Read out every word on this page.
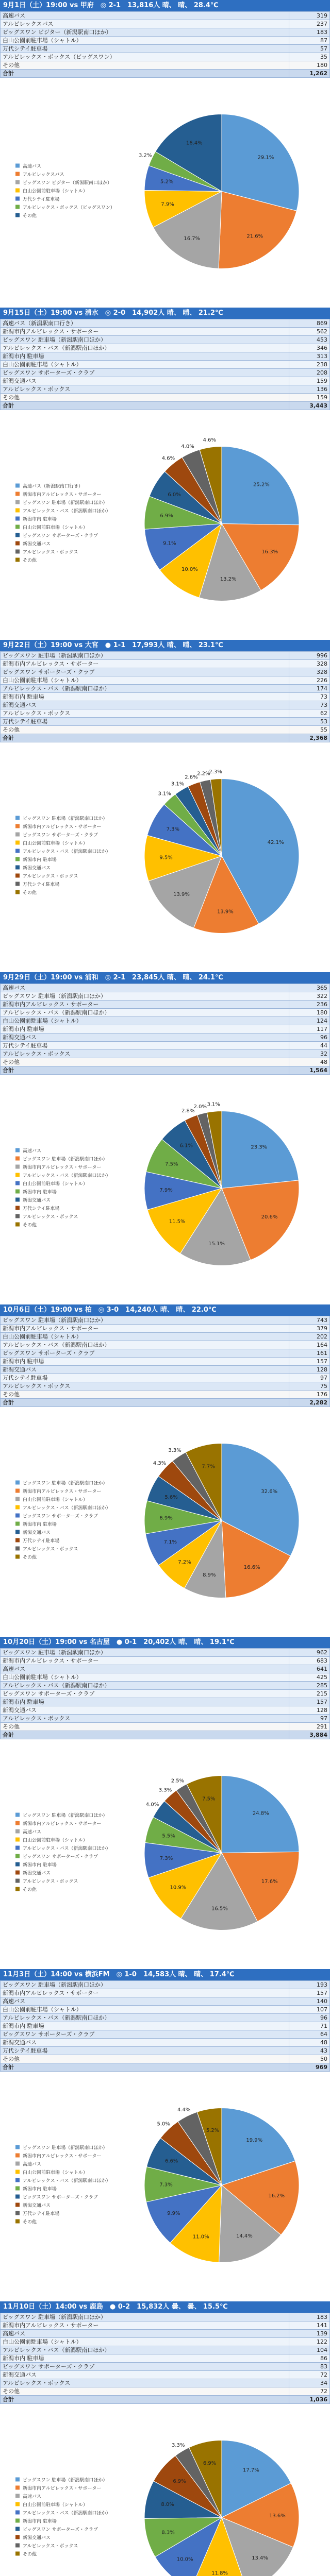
9月1日（土）19:00 vs 甲府　◎ 2-1　13,816人 晴、 晴、 28.4℃
高速バス	319
アルビレックスバス	237
ビッグスワン ビジター（新潟駅南口ほか）	183
白山公園前駐車場（シャトル）	87
万代シテイ駐車場	57
アルビレックス・ボックス（ビッグスワン）	35
その他	180
合計	1,262
高速バス
アルビレックスバス
ビッグスワン ビジター（新潟駅南口ほか）
白山公園前駐車場（シャトル）
万代シテイ駐車場
アルビレックス・ボックス（ビッグスワン）
その他
29.1%
21.6%
16.7%
7.9%
5.2%
3.2%
16.4%
9月15日（土）19:00 vs 清水　◎ 2-0　14,902人 晴、 晴、 21.2℃
高速バス（新潟駅南口行き）	869
新潟市内アルビレックス・サポーター	562
ビッグスワン 駐車場（新潟駅南口ほか）	453
アルビレックス・バス（新潟駅南口ほか）	346
新潟市内 駐車場	313
白山公園前駐車場（シャトル）	238
ビッグスワン サポーターズ・クラブ	208
新潟交通バス	159
アルビレックス・ボックス	136
その他	159
合計	3,443
高速バス（新潟駅南口行き）
新潟市内アルビレックス・サポーター
ビッグスワン 駐車場（新潟駅南口ほか）
アルビレックス・バス（新潟駅南口ほか）
新潟市内 駐車場
白山公園前駐車場（シャトル）
ビッグスワン サポーターズ・クラブ
新潟交通バス
アルビレックス・ボックス
その他
25.2%
16.3%
13.2%
10.0%
9.1%
6.9%
6.0%
4.6%
4.0%
4.6%
9月22日（土）19:00 vs 大宮　● 1-1　17,993人 晴、 晴、 23.1℃
ビッグスワン 駐車場（新潟駅南口ほか）	996
新潟市内アルビレックス・サポーター	328
ビッグスワン サポーターズ・クラブ	328
白山公園前駐車場（シャトル）	226
アルビレックス・バス（新潟駅南口ほか）	174
新潟市内 駐車場	73
新潟交通バス	73
アルビレックス・ボックス	62
万代シテイ駐車場	53
その他	55
合計	2,368
ビッグスワン 駐車場（新潟駅南口ほか）
新潟市内アルビレックス・サポーター
ビッグスワン サポーターズ・クラブ
白山公園前駐車場（シャトル）
アルビレックス・バス（新潟駅南口ほか）
新潟市内 駐車場
新潟交通バス
アルビレックス・ボックス
万代シテイ駐車場
その他
42.1%
13.9%
13.9%
9.5%
7.3%
3.1%
3.1%
2.6%
2.2%
2.3%
9月29日（土）19:00 vs 浦和　◎ 2-1　23,845人 晴、 晴、 24.1℃
高速バス	365
ビッグスワン 駐車場（新潟駅南口ほか）	322
新潟市内アルビレックス・サポーター	236
アルビレックス・バス（新潟駅南口ほか）	180
白山公園前駐車場（シャトル）	124
新潟市内 駐車場	117
新潟交通バス	96
万代シテイ駐車場	44
アルビレックス・ボックス	32
その他	48
合計	1,564
高速バス
ビッグスワン 駐車場（新潟駅南口ほか）
新潟市内アルビレックス・サポーター
アルビレックス・バス（新潟駅南口ほか）
白山公園前駐車場（シャトル）
新潟市内 駐車場
新潟交通バス
万代シテイ駐車場
アルビレックス・ボックス
その他
23.3%
20.6%
15.1%
11.5%
7.9%
7.5%
6.1%
2.8%
2.0% 3.1%
10月6日（土）19:00 vs 柏　◎ 3-0　14,240人 晴、 晴、 22.0℃
ビッグスワン 駐車場（新潟駅南口ほか）	743
新潟市内アルビレックス・サポーター	379
白山公園前駐車場（シャトル）	202
アルビレックス・バス（新潟駅南口ほか）	164
ビッグスワン サポーターズ・クラブ	161
新潟市内 駐車場	157
新潟交通バス	128
万代シテイ駐車場	97
アルビレックス・ボックス	75
その他	176
合計	2,282
ビッグスワン 駐車場（新潟駅南口ほか）
新潟市内アルビレックス・サポーター
白山公園前駐車場（シャトル）
アルビレックス・バス（新潟駅南口ほか）
ビッグスワン サポーターズ・クラブ
新潟市内 駐車場
新潟交通バス
万代シテイ駐車場
アルビレックス・ボックス
その他
32.6%
16.6%
8.9%
7.2%
7.1%
6.9%
5.6%
4.3%
3.3%
7.7%
10月20日（土）19:00 vs 名古屋　● 0-1　20,402人 晴、 晴、 19.1℃
ビッグスワン 駐車場（新潟駅南口ほか）	962
新潟市内アルビレックス・サポーター	683
高速バス	641
白山公園前駐車場（シャトル）	425
アルビレックス・バス（新潟駅南口ほか）	285
ビッグスワン サポーターズ・クラブ	215
新潟市内 駐車場	157
新潟交通バス	128
アルビレックス・ボックス	97
その他	291
合計	3,884
ビッグスワン 駐車場（新潟駅南口ほか）
新潟市内アルビレックス・サポーター
高速バス
白山公園前駐車場（シャトル）
アルビレックス・バス（新潟駅南口ほか）
ビッグスワン サポーターズ・クラブ
新潟市内 駐車場
新潟交通バス
アルビレックス・ボックス
その他
24.8%
17.6%
16.5%
10.9%
7.3%
5.5%
4.0%
3.3%
2.5%
7.5%
11月3日（土）14:00 vs 横浜FM　◎ 1-0　14,583人 晴、 晴、 17.4℃
ビッグスワン 駐車場（新潟駅南口ほか）	193
新潟市内アルビレックス・サポーター	157
高速バス	140
白山公園前駐車場（シャトル）	107
アルビレックス・バス（新潟駅南口ほか）	96
新潟市内 駐車場	71
ビッグスワン サポーターズ・クラブ	64
新潟交通バス	48
万代シテイ駐車場	43
その他	50
合計	969
ビッグスワン 駐車場（新潟駅南口ほか）
新潟市内アルビレックス・サポーター
高速バス
白山公園前駐車場（シャトル）
アルビレックス・バス（新潟駅南口ほか）
新潟市内 駐車場
ビッグスワン サポーターズ・クラブ
新潟交通バス
万代シテイ駐車場
その他
19.9%
16.2%
14.4%
11.0%
9.9%
7.3%
6.6%
5.0%
4.4%
5.2%
11月10日（土）14:00 vs 鹿島　● 0-2　15,832人 曇、 曇、 15.5℃
ビッグスワン 駐車場（新潟駅南口ほか）	183
新潟市内アルビレックス・サポーター	141
高速バス	139
白山公園前駐車場（シャトル）	122
アルビレックス・バス（新潟駅南口ほか）	104
新潟市内 駐車場	86
ビッグスワン サポーターズ・クラブ	83
新潟交通バス	72
アルビレックス・ボックス	34
その他	72
合計	1,036
ビッグスワン 駐車場（新潟駅南口ほか）
新潟市内アルビレックス・サポーター
高速バス
白山公園前駐車場（シャトル）
アルビレックス・バス（新潟駅南口ほか）
新潟市内 駐車場
ビッグスワン サポーターズ・クラブ
新潟交通バス
アルビレックス・ボックス
その他
17.7%
13.6%
13.4%
11.8%
10.0%
8.3%
8.0%
6.9%
3.3%
6.9%
